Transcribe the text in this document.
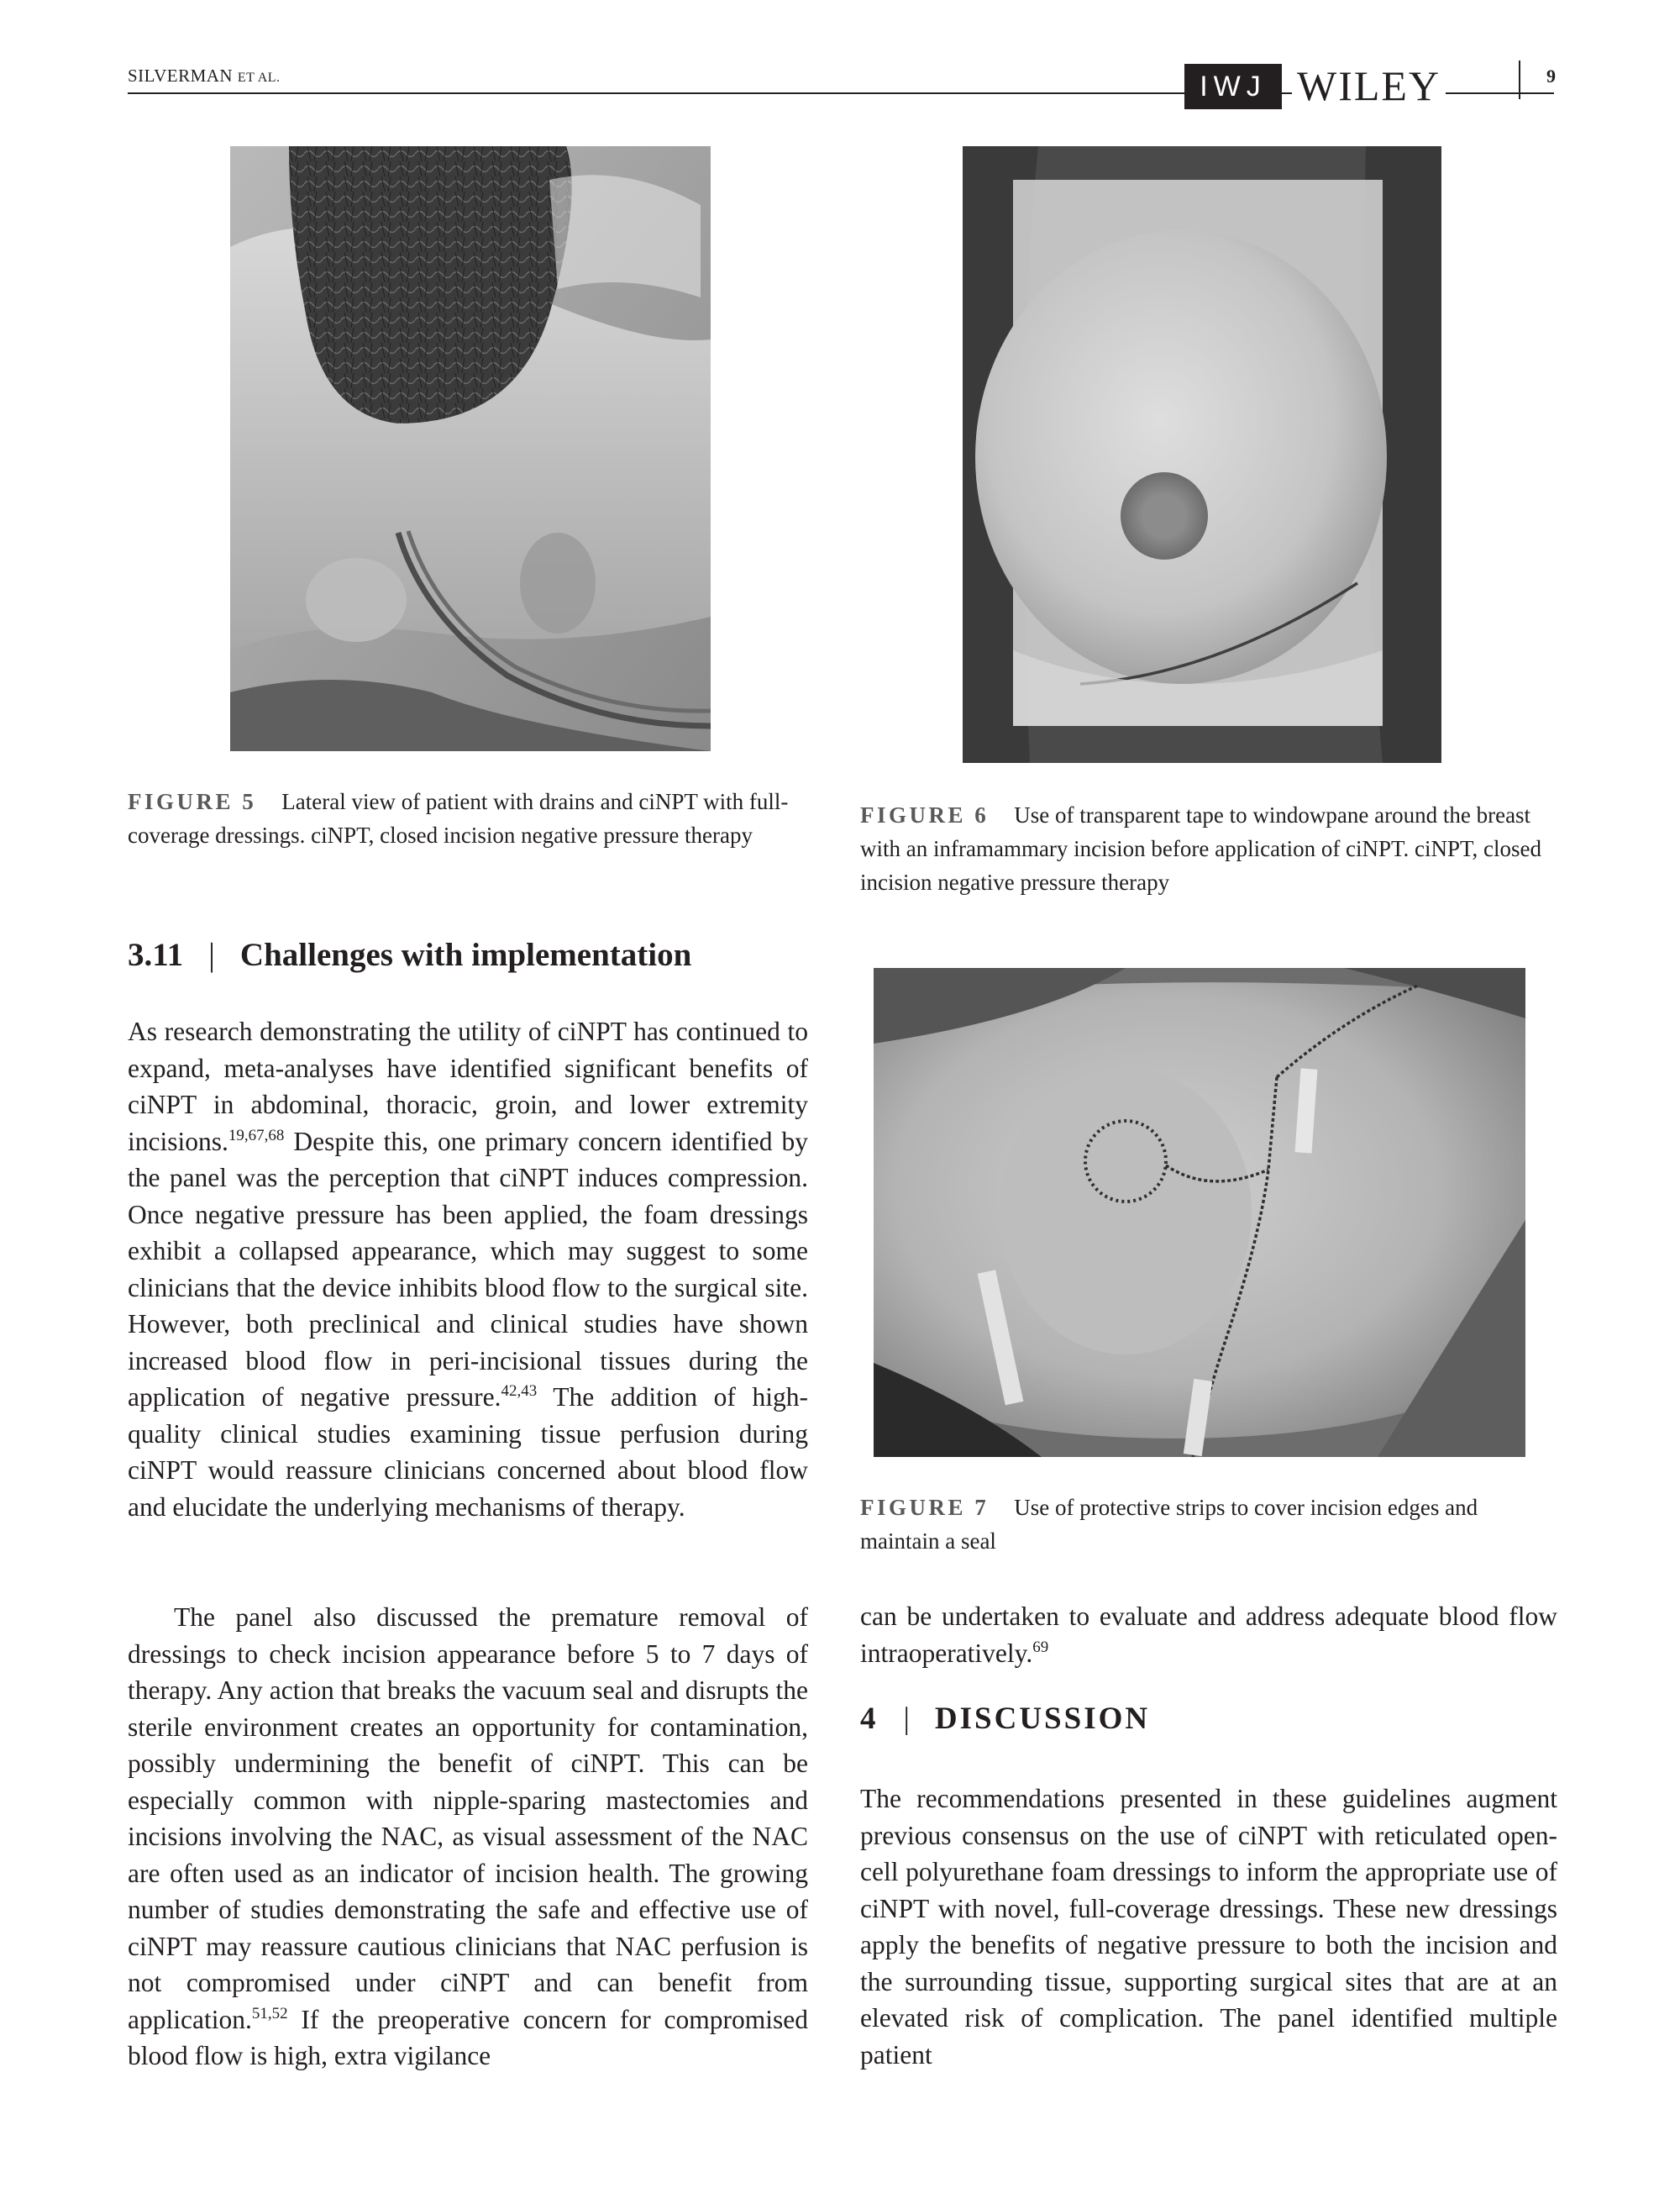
SILVERMAN ET AL.	IWJ WILEY	9
FIGURE 5 Lateral view of patient with drains and ciNPT with full-coverage dressings. ciNPT, closed incision negative pressure therapy
FIGURE 6 Use of transparent tape to windowpane around the breast with an inframammary incision before application of ciNPT. ciNPT, closed incision negative pressure therapy
FIGURE 7 Use of protective strips to cover incision edges and maintain a seal
3.11 | Challenges with implementation
As research demonstrating the utility of ciNPT has continued to expand, meta-analyses have identified significant benefits of ciNPT in abdominal, thoracic, groin, and lower extremity incisions.$^{19,67,68}$ Despite this, one primary concern identified by the panel was the perception that ciNPT induces compression. Once negative pressure has been applied, the foam dressings exhibit a collapsed appearance, which may suggest to some clinicians that the device inhibits blood flow to the surgical site. However, both preclinical and clinical studies have shown increased blood flow in peri-incisional tissues during the application of negative pressure.$^{42,43}$ The addition of high-quality clinical studies examining tissue perfusion during ciNPT would reassure clinicians concerned about blood flow and elucidate the underlying mechanisms of therapy.
The panel also discussed the premature removal of dressings to check incision appearance before 5 to 7 days of therapy. Any action that breaks the vacuum seal and disrupts the sterile environment creates an opportunity for contamination, possibly undermining the benefit of ciNPT. This can be especially common with nipple-sparing mastectomies and incisions involving the NAC, as visual assessment of the NAC are often used as an indicator of incision health. The growing number of studies demonstrating the safe and effective use of ciNPT may reassure cautious clinicians that NAC perfusion is not compromised under ciNPT and can benefit from application.$^{51,52}$ If the preoperative concern for compromised blood flow is high, extra vigilance
can be undertaken to evaluate and address adequate blood flow intraoperatively.$^{69}$
4 | DISCUSSION
The recommendations presented in these guidelines augment previous consensus on the use of ciNPT with reticulated open-cell polyurethane foam dressings to inform the appropriate use of ciNPT with novel, full-coverage dressings. These new dressings apply the benefits of negative pressure to both the incision and the surrounding tissue, supporting surgical sites that are at an elevated risk of complication. The panel identified multiple patient
